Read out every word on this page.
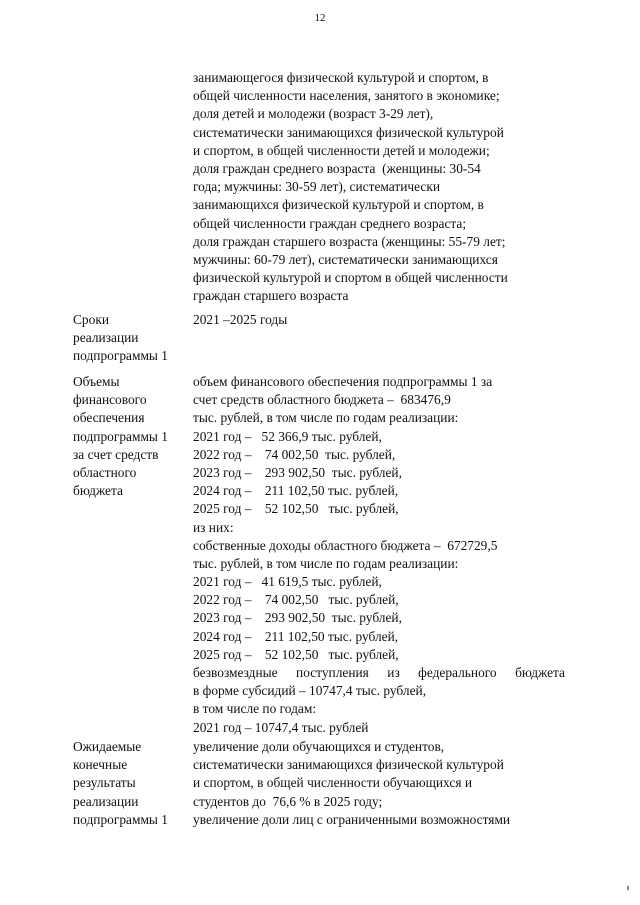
12
занимающегося физической культурой и спортом, в
общей численности населения, занятого в экономике;
доля детей и молодежи (возраст 3-29 лет),
систематически занимающихся физической культурой
и спортом, в общей численности детей и молодежи;
доля граждан среднего возраста  (женщины: 30-54
года; мужчины: 30-59 лет), систематически
занимающихся физической культурой и спортом, в
общей численности граждан среднего возраста;
доля граждан старшего возраста (женщины: 55-79 лет;
мужчины: 60-79 лет), систематически занимающихся
физической культурой и спортом в общей численности
граждан старшего возраста
Сроки
реализации
подпрограммы 1
2021 –2025 годы
Объемы
финансового
обеспечения
подпрограммы 1
за счет средств
областного
бюджета
объем финансового обеспечения подпрограммы 1 за
счет средств областного бюджета –  683476,9
тыс. рублей, в том числе по годам реализации:
2021 год –   52 366,9 тыс. рублей,
2022 год –    74 002,50  тыс. рублей,
2023 год –    293 902,50  тыс. рублей,
2024 год –    211 102,50 тыс. рублей,
2025 год –    52 102,50   тыс. рублей,
из них:
собственные доходы областного бюджета –  672729,5
тыс. рублей, в том числе по годам реализации:
2021 год –   41 619,5 тыс. рублей,
2022 год –    74 002,50   тыс. рублей,
2023 год –    293 902,50  тыс. рублей,
2024 год –    211 102,50 тыс. рублей,
2025 год –    52 102,50   тыс. рублей,
безвозмездные поступления из федерального бюджета
в форме субсидий – 10747,4 тыс. рублей,
в том числе по годам:
2021 год – 10747,4 тыс. рублей
Ожидаемые
конечные
результаты
реализации
подпрограммы 1
увеличение доли обучающихся и студентов,
систематически занимающихся физической культурой
и спортом, в общей численности обучающихся и
студентов до  76,6 % в 2025 году;
увеличение доли лиц с ограниченными возможностями
